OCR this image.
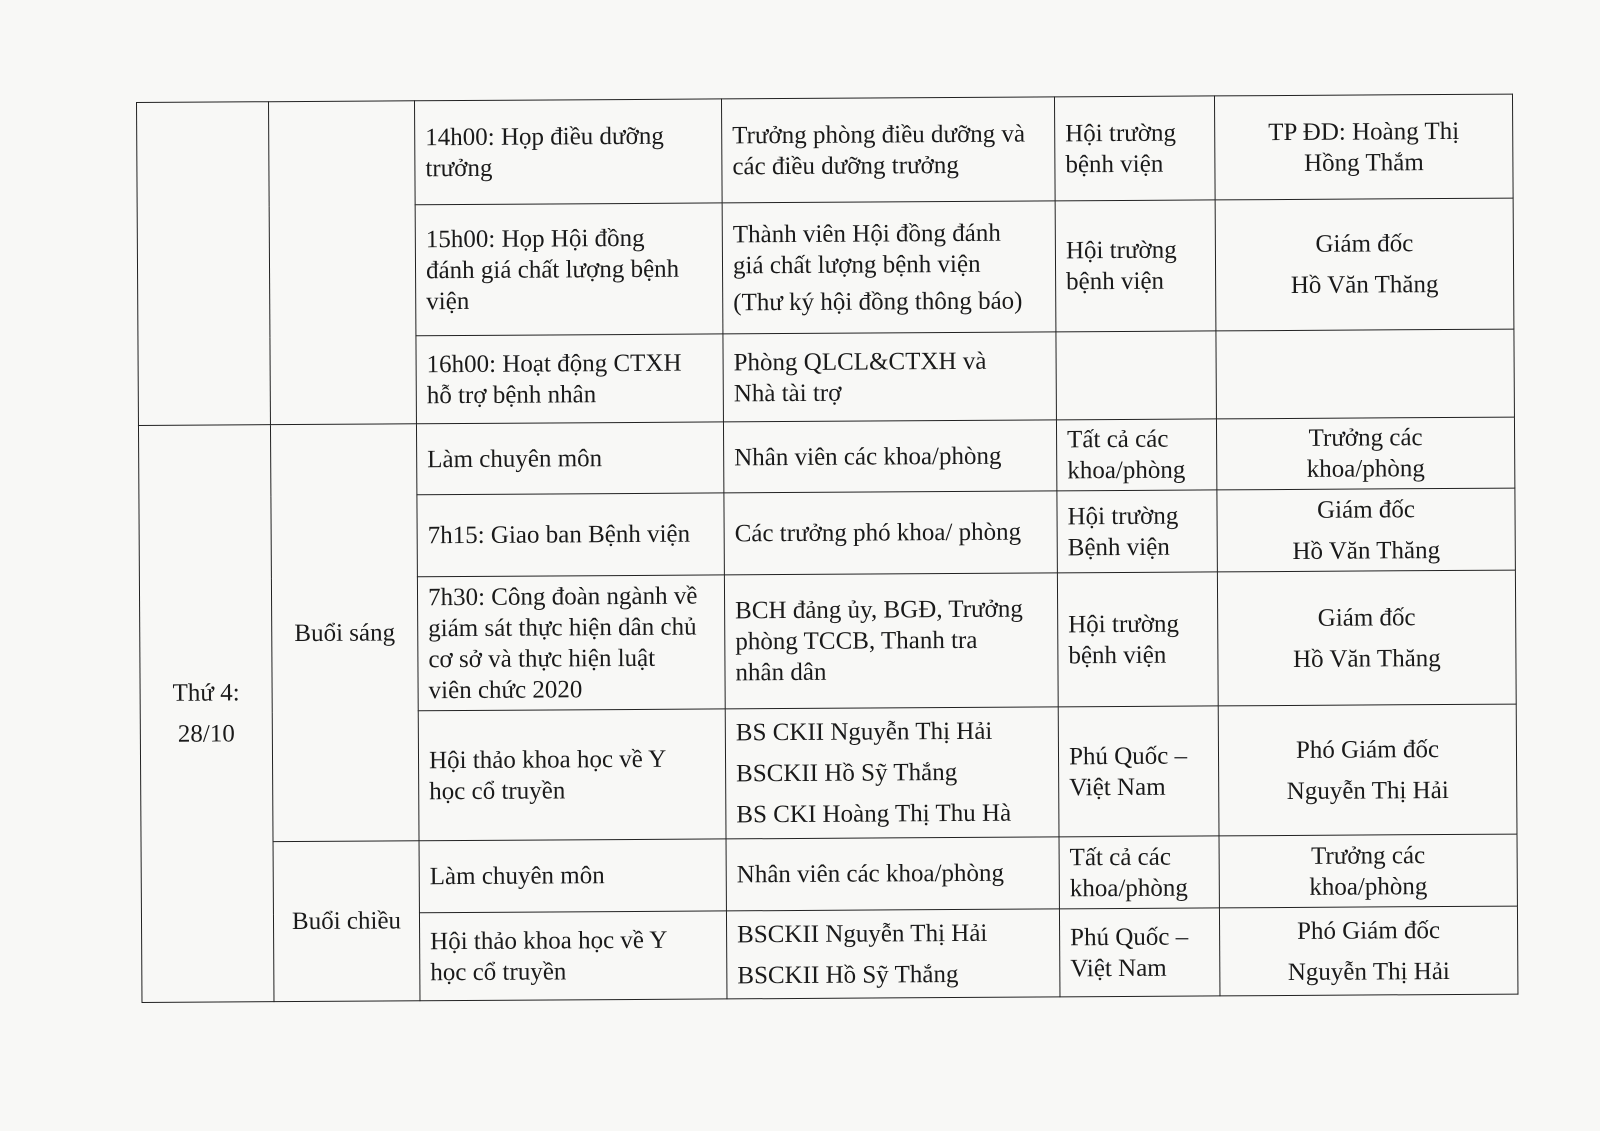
		14h00: Họp điều dưỡng
trưởng	Trưởng phòng điều dưỡng và
các điều dưỡng trưởng	Hội trường
bệnh viện	TP ĐD: Hoàng Thị
Hồng Thắm

		15h00: Họp Hội đồng
đánh giá chất lượng bệnh
viện	Thành viên Hội đồng đánh
giá chất lượng bệnh viện
(Thư ký hội đồng thông báo)	Hội trường
bệnh viện	Giám đốc
Hồ Văn Thăng

		16h00: Hoạt động CTXH
hỗ trợ bệnh nhân	Phòng QLCL&CTXH và
Nhà tài trợ		

Thứ 4:
28/10	Buổi sáng	Làm chuyên môn	Nhân viên các khoa/phòng	Tất cả các
khoa/phòng	Trưởng các
khoa/phòng

		7h15: Giao ban Bệnh viện	Các trưởng phó khoa/ phòng	Hội trường
Bệnh viện	Giám đốc
Hồ Văn Thăng

		7h30: Công đoàn ngành về
giám sát thực hiện dân chủ
cơ sở và thực hiện luật
viên chức 2020	BCH đảng ủy, BGĐ, Trưởng
phòng TCCB, Thanh tra
nhân dân	Hội trường
bệnh viện	Giám đốc
Hồ Văn Thăng

		Hội thảo khoa học về Y
học cổ truyền	BS CKII Nguyễn Thị Hải
BSCKII Hồ Sỹ Thắng
BS CKI Hoàng Thị Thu Hà	Phú Quốc –
Việt Nam	Phó Giám đốc
Nguyễn Thị Hải

	Buổi chiều	Làm chuyên môn	Nhân viên các khoa/phòng	Tất cả các
khoa/phòng	Trưởng các
khoa/phòng

		Hội thảo khoa học về Y
học cổ truyền	BSCKII Nguyễn Thị Hải
BSCKII Hồ Sỹ Thắng	Phú Quốc –
Việt Nam	Phó Giám đốc
Nguyễn Thị Hải
